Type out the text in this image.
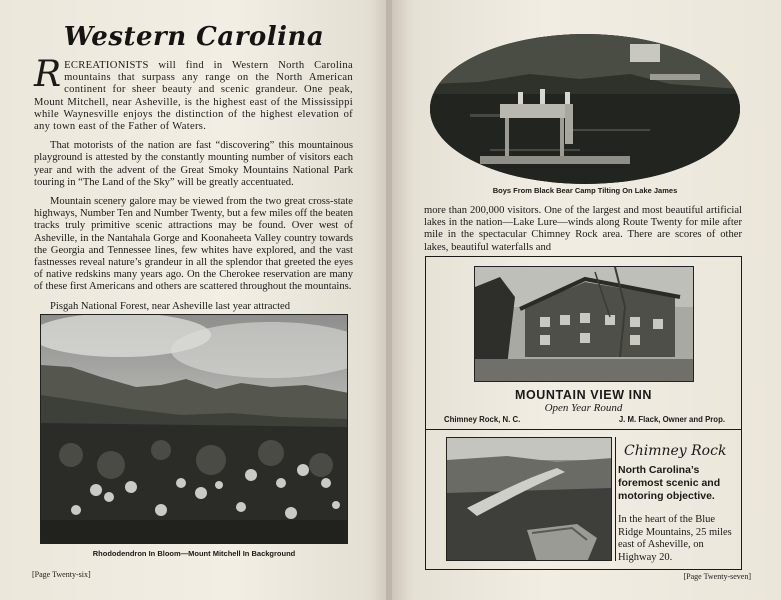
Western Carolina

RECREATIONISTS will find in Western North Carolina mountains that surpass any range on the North American continent for sheer beauty and scenic grandeur. One peak, Mount Mitchell, near Asheville, is the highest east of the Mississippi while Waynesville enjoys the distinction of the highest elevation of any town east of the Father of Waters.

That motorists of the nation are fast “discovering” this mountainous playground is attested by the constantly mounting number of visitors each year and with the advent of the Great Smoky Mountains National Park touring in “The Land of the Sky” will be greatly accentuated.

Mountain scenery galore may be viewed from the two great cross-state highways, Number Ten and Number Twenty, but a few miles off the beaten tracks truly primitive scenic attractions may be found. Over west of Asheville, in the Nantahala Gorge and Koonaheeta Valley country towards the Georgia and Tennessee lines, few whites have explored, and the vast fastnesses reveal nature’s grandeur in all the splendor that greeted the eyes of native redskins many years ago. On the Cherokee reservation are many of these first Americans and others are scattered throughout the mountains.

Pisgah National Forest, near Asheville last year attracted

Rhododendron In Bloom—Mount Mitchell In Background
[Page Twenty-six]
Boys From Black Bear Camp Tilting On Lake James
more than 200,000 visitors. One of the largest and most beautiful artificial lakes in the nation—Lake Lure—winds along Route Twenty for mile after mile in the spectacular Chimney Rock area. There are scores of other lakes, beautiful waterfalls and
MOUNTAIN VIEW INN
Open Year Round
Chimney Rock, N. C.	J. M. Flack, Owner and Prop.
Chimney Rock
North Carolina’s foremost scenic and motoring objective.
In the heart of the Blue Ridge Mountains, 25 miles east of Asheville, on Highway 20.
[Page Twenty-seven]
